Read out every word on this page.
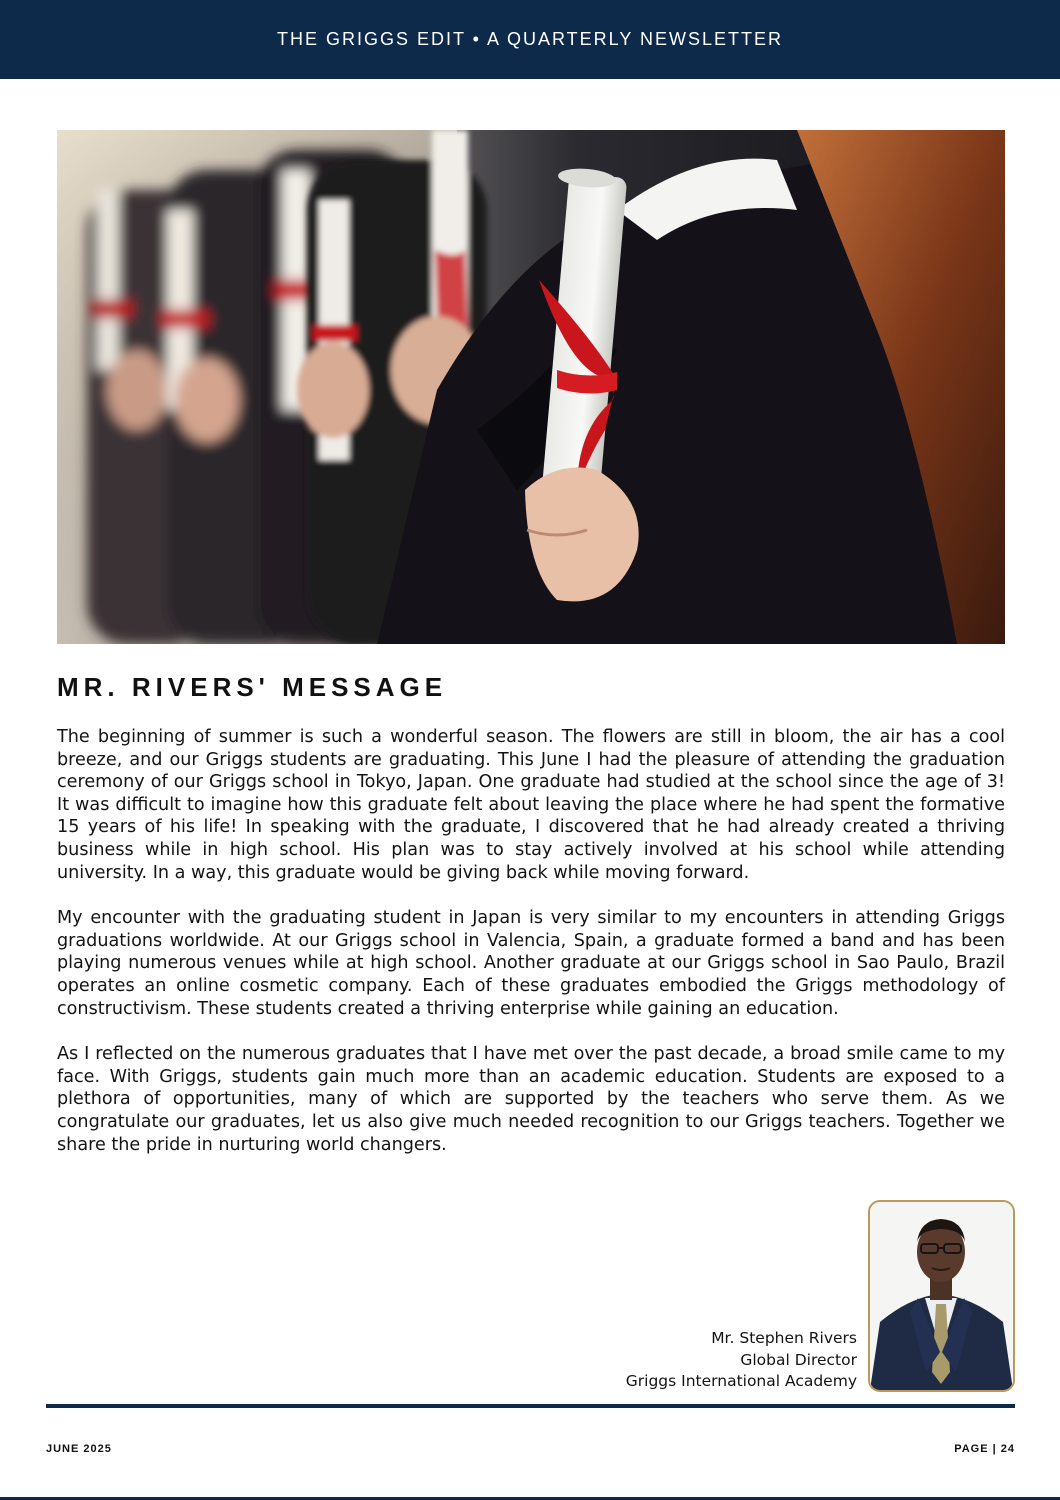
THE GRIGGS EDIT • A QUARTERLY NEWSLETTER
MR. RIVERS' MESSAGE

The beginning of summer is such a wonderful season. The flowers are still in bloom, the air has a cool breeze, and our Griggs students are graduating. This June I had the pleasure of attending the graduation ceremony of our Griggs school in Tokyo, Japan. One graduate had studied at the school since the age of 3! It was difficult to imagine how this graduate felt about leaving the place where he had spent the formative 15 years of his life! In speaking with the graduate, I discovered that he had already created a thriving business while in high school. His plan was to stay actively involved at his school while attending university. In a way, this graduate would be giving back while moving forward.

My encounter with the graduating student in Japan is very similar to my encounters in attending Griggs graduations worldwide. At our Griggs school in Valencia, Spain, a graduate formed a band and has been playing numerous venues while at high school. Another graduate at our Griggs school in Sao Paulo, Brazil operates an online cosmetic company. Each of these graduates embodied the Griggs methodology of constructivism. These students created a thriving enterprise while gaining an education.

As I reflected on the numerous graduates that I have met over the past decade, a broad smile came to my face. With Griggs, students gain much more than an academic education. Students are exposed to a plethora of opportunities, many of which are supported by the teachers who serve them. As we congratulate our graduates, let us also give much needed recognition to our Griggs teachers. Together we share the pride in nurturing world changers.

Mr. Stephen Rivers
Global Director
Griggs International Academy
JUNE 2025	PAGE | 24
